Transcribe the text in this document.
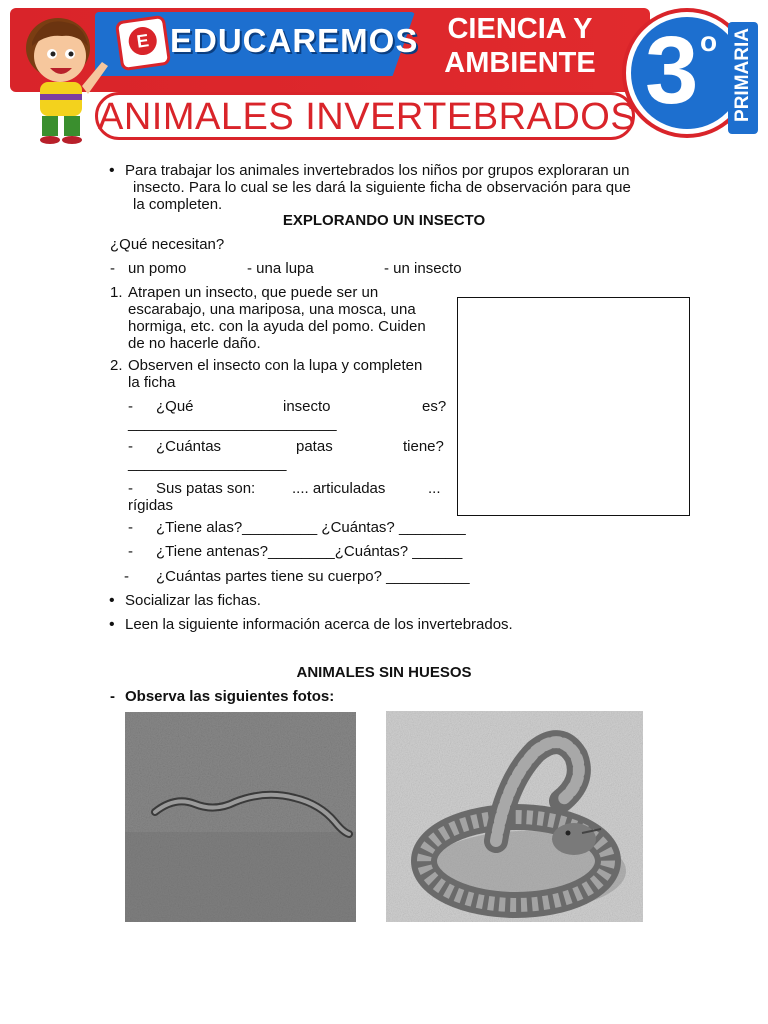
E EDUCAREMOS	CIENCIA Y
AMBIENTE
ANIMALES INVERTEBRADOS 3 o PRIMARIA
• Para trabajar los animales invertebrados los niños por grupos exploraran un
insecto. Para lo cual se les dará la siguiente ficha de observación para que
la completen.
EXPLORANDO UN INSECTO
¿Qué necesitan?
- un pomo	- una lupa	- un insecto
1. Atrapen un insecto, que puede ser un
escarabajo, una mariposa, una mosca, una
hormiga, etc. con la ayuda del pomo. Cuiden
de no hacerle daño.
2. Observen el insecto con la lupa y completen
la ficha
- ¿Qué	insecto	es?
_________________________
- ¿Cuántas	patas	tiene?
___________________
- Sus patas son: .... articuladas	...
rígidas
- ¿Tiene alas?_________ ¿Cuántas? ________
- ¿Tiene antenas?________¿Cuántas? ______
- ¿Cuántas partes tiene su cuerpo? __________
• Socializar las fichas.
• Leen la siguiente información acerca de los invertebrados.
ANIMALES SIN HUESOS
- Observa las siguientes fotos:
